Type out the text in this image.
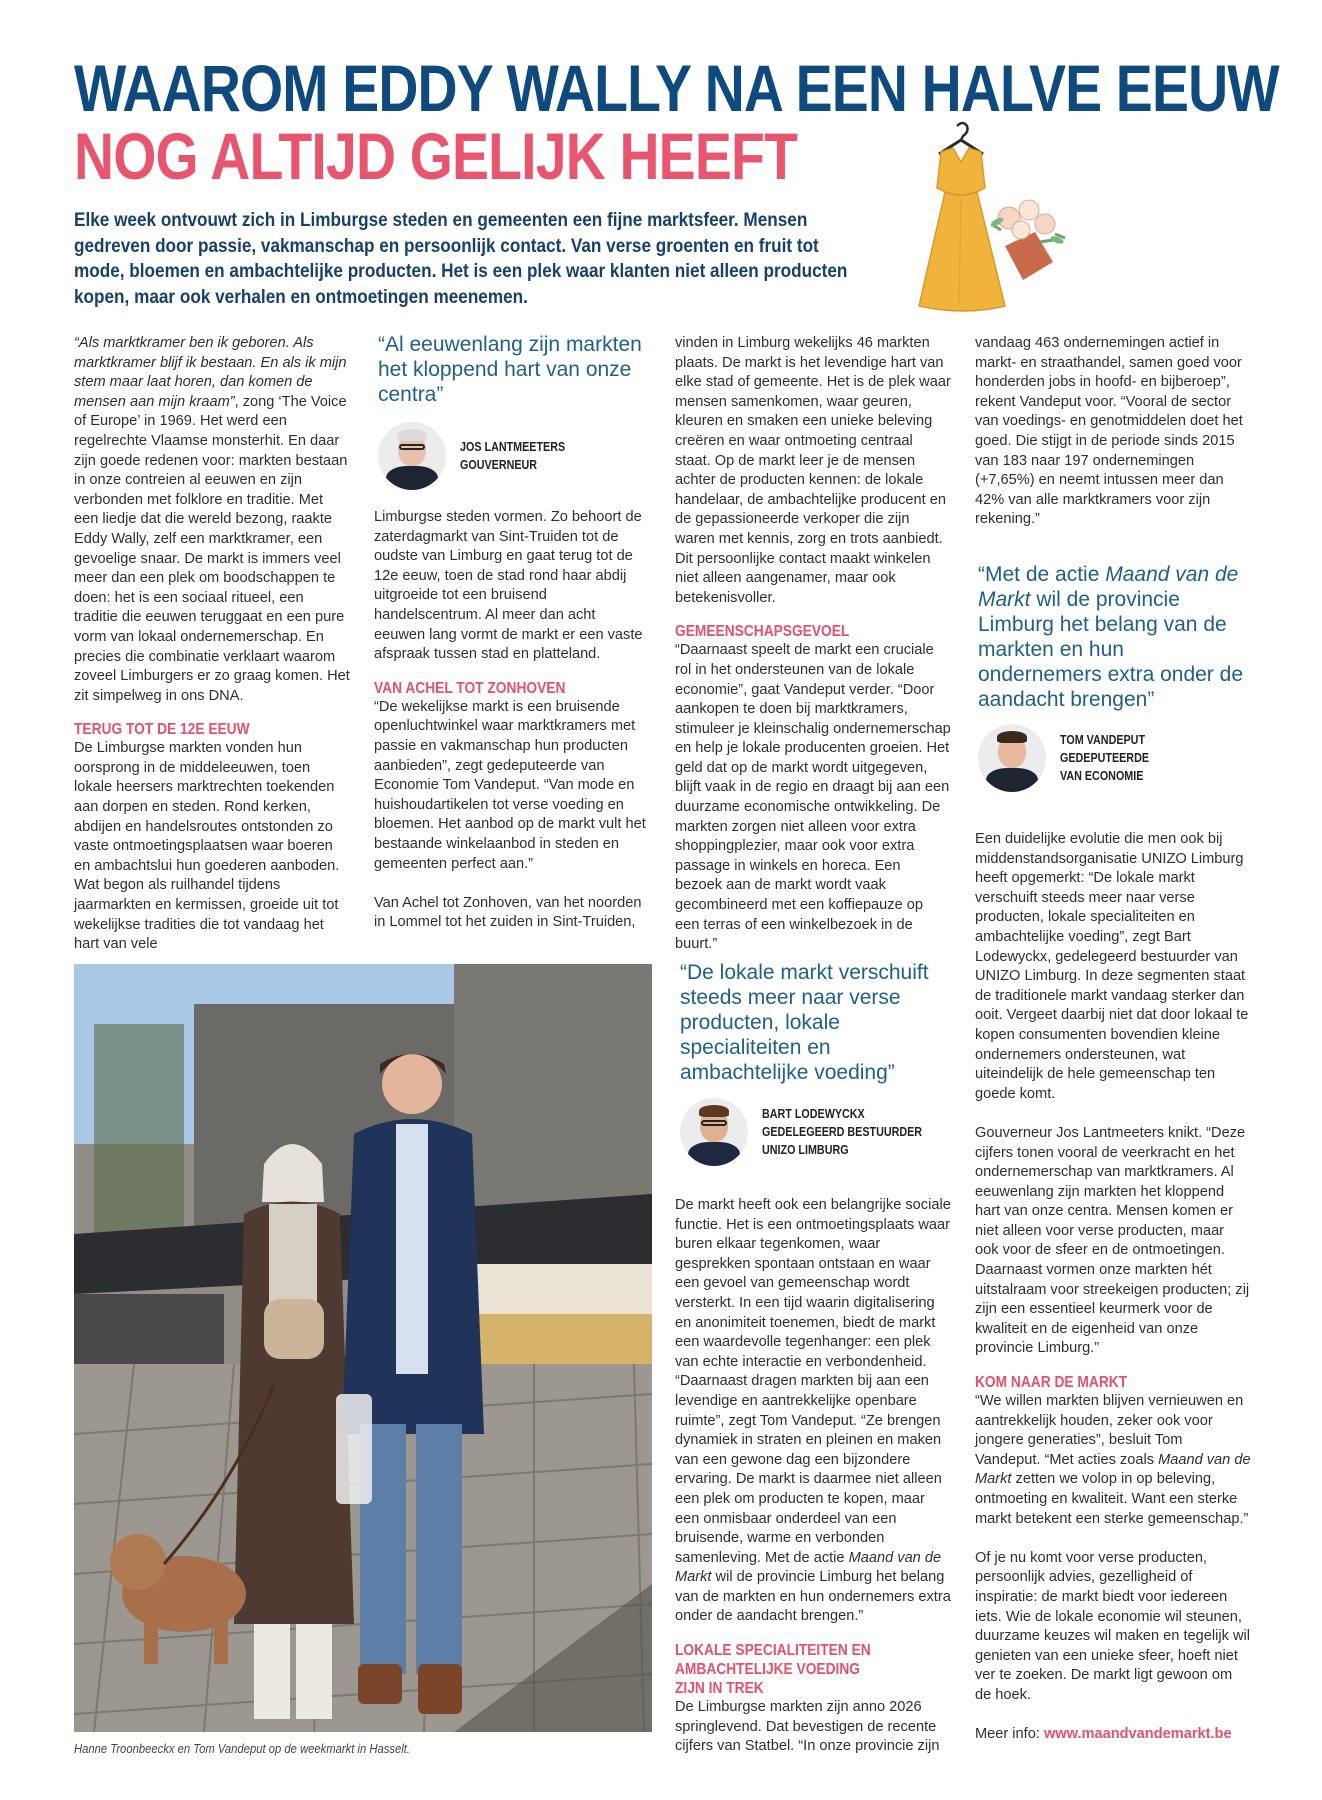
WAAROM EDDY WALLY NA EEN HALVE EEUW
NOG ALTIJD GELIJK HEEFT
Elke week ontvouwt zich in Limburgse steden en gemeenten een fijne marktsfeer. Mensen gedreven door passie, vakmanschap en persoonlijk contact. Van verse groenten en fruit tot mode, bloemen en ambachtelijke producten. Het is een plek waar klanten niet alleen producten kopen, maar ook verhalen en ontmoetingen meenemen.

“Als marktkramer ben ik geboren. Als marktkramer blijf ik bestaan. En als ik mijn stem maar laat horen, dan komen de mensen aan mijn kraam”, zong ‘The Voice of Europe’ in 1969. Het werd een regelrechte Vlaamse monsterhit. En daar zijn goede redenen voor: markten bestaan in onze contreien al eeuwen en zijn verbonden met folklore en traditie. Met een liedje dat die wereld bezong, raakte Eddy Wally, zelf een marktkramer, een gevoelige snaar. De markt is immers veel meer dan een plek om boodschappen te doen: het is een sociaal ritueel, een traditie die eeuwen teruggaat en een pure vorm van lokaal ondernemerschap. En precies die combinatie verklaart waarom zoveel Limburgers er zo graag komen. Het zit simpelweg in ons DNA.

TERUG TOT DE 12E EEUW

De Limburgse markten vonden hun oorsprong in de middeleeuwen, toen lokale heersers marktrechten toekenden aan dorpen en steden. Rond kerken, abdijen en handelsroutes ontstonden zo vaste ontmoetingsplaatsen waar boeren en ambachtslui hun goederen aanboden. Wat begon als ruilhandel tijdens jaarmarkten en kermissen, groeide uit tot wekelijkse tradities die tot vandaag het hart van vele

“Al eeuwenlang zijn markten het kloppend hart van onze centra”
JOS LANTMEETERS
GOUVERNEUR

Limburgse steden vormen. Zo behoort de zaterdagmarkt van Sint-Truiden tot de oudste van Limburg en gaat terug tot de 12e eeuw, toen de stad rond haar abdij uitgroeide tot een bruisend handelscentrum. Al meer dan acht eeuwen lang vormt de markt er een vaste afspraak tussen stad en platteland.

VAN ACHEL TOT ZONHOVEN

“De wekelijkse markt is een bruisende openluchtwinkel waar marktkramers met passie en vakmanschap hun producten aanbieden”, zegt gedeputeerde van Economie Tom Vandeput. “Van mode en huishoudartikelen tot verse voeding en bloemen. Het aanbod op de markt vult het bestaande winkelaanbod in steden en gemeenten perfect aan.”

Van Achel tot Zonhoven, van het noorden in Lommel tot het zuiden in Sint-Truiden,

vinden in Limburg wekelijks 46 markten plaats. De markt is het levendige hart van elke stad of gemeente. Het is de plek waar mensen samenkomen, waar geuren, kleuren en smaken een unieke beleving creëren en waar ontmoeting centraal staat. Op de markt leer je de mensen achter de producten kennen: de lokale handelaar, de ambachtelijke producent en de gepassioneerde verkoper die zijn waren met kennis, zorg en trots aanbiedt. Dit persoonlijke contact maakt winkelen niet alleen aangenamer, maar ook betekenisvoller.

GEMEENSCHAPSGEVOEL

“Daarnaast speelt de markt een cruciale rol in het ondersteunen van de lokale economie”, gaat Vandeput verder. “Door aankopen te doen bij marktkramers, stimuleer je kleinschalig ondernemerschap en help je lokale producenten groeien. Het geld dat op de markt wordt uitgegeven, blijft vaak in de regio en draagt bij aan een duurzame economische ontwikkeling. De markten zorgen niet alleen voor extra shoppingplezier, maar ook voor extra passage in winkels en horeca. Een bezoek aan de markt wordt vaak gecombineerd met een koffiepauze op een terras of een winkelbezoek in de buurt.”

Hanne Troonbeeckx en Tom Vandeput op de weekmarkt in Hasselt.
“De lokale markt verschuift steeds meer naar verse producten, lokale specialiteiten en ambachtelijke voeding”
BART LODEWYCKX
GEDELEGEERD BESTUURDER
UNIZO LIMBURG

De markt heeft ook een belangrijke sociale functie. Het is een ontmoetingsplaats waar buren elkaar tegenkomen, waar gesprekken spontaan ontstaan en waar een gevoel van gemeenschap wordt versterkt. In een tijd waarin digitalisering en anonimiteit toenemen, biedt de markt een waardevolle tegenhanger: een plek van echte interactie en verbondenheid. “Daarnaast dragen markten bij aan een levendige en aantrekkelijke openbare ruimte”, zegt Tom Vandeput. “Ze brengen dynamiek in straten en pleinen en maken van een gewone dag een bijzondere ervaring. De markt is daarmee niet alleen een plek om producten te kopen, maar een onmisbaar onderdeel van een bruisende, warme en verbonden samenleving. Met de actie Maand van de Markt wil de provincie Limburg het belang van de markten en hun ondernemers extra onder de aandacht brengen.”

LOKALE SPECIALITEITEN EN
AMBACHTELIJKE VOEDING
ZIJN IN TREK

De Limburgse markten zijn anno 2026 springlevend. Dat bevestigen de recente cijfers van Statbel. “In onze provincie zijn

vandaag 463 ondernemingen actief in markt- en straathandel, samen goed voor honderden jobs in hoofd- en bijberoep”, rekent Vandeput voor. “Vooral de sector van voedings- en genotmiddelen doet het goed. Die stijgt in de periode sinds 2015 van 183 naar 197 ondernemingen (+7,65%) en neemt intussen meer dan 42% van alle marktkramers voor zijn rekening.”

“Met de actie Maand van de Markt wil de provincie Limburg het belang van de markten en hun ondernemers extra onder de aandacht brengen”
TOM VANDEPUT
GEDEPUTEERDE
VAN ECONOMIE

Een duidelijke evolutie die men ook bij middenstandsorganisatie UNIZO Limburg heeft opgemerkt: “De lokale markt verschuift steeds meer naar verse producten, lokale specialiteiten en ambachtelijke voeding”, zegt Bart Lodewyckx, gedelegeerd bestuurder van UNIZO Limburg. In deze segmenten staat de traditionele markt vandaag sterker dan ooit. Vergeet daarbij niet dat door lokaal te kopen consumenten bovendien kleine ondernemers ondersteunen, wat uiteindelijk de hele gemeenschap ten goede komt.

Gouverneur Jos Lantmeeters knikt. “Deze cijfers tonen vooral de veerkracht en het ondernemerschap van marktkramers. Al eeuwenlang zijn markten het kloppend hart van onze centra. Mensen komen er niet alleen voor verse producten, maar ook voor de sfeer en de ontmoetingen. Daarnaast vormen onze markten hét uitstalraam voor streekeigen producten; zij zijn een essentieel keurmerk voor de kwaliteit en de eigenheid van onze provincie Limburg.”

KOM NAAR DE MARKT

“We willen markten blijven vernieuwen en aantrekkelijk houden, zeker ook voor jongere generaties”, besluit Tom Vandeput. “Met acties zoals Maand van de Markt zetten we volop in op beleving, ontmoeting en kwaliteit. Want een sterke markt betekent een sterke gemeenschap.”

Of je nu komt voor verse producten, persoonlijk advies, gezelligheid of inspiratie: de markt biedt voor iedereen iets. Wie de lokale economie wil steunen, duurzame keuzes wil maken en tegelijk wil genieten van een unieke sfeer, hoeft niet ver te zoeken. De markt ligt gewoon om de hoek.

Meer info: www.maandvandemarkt.be
